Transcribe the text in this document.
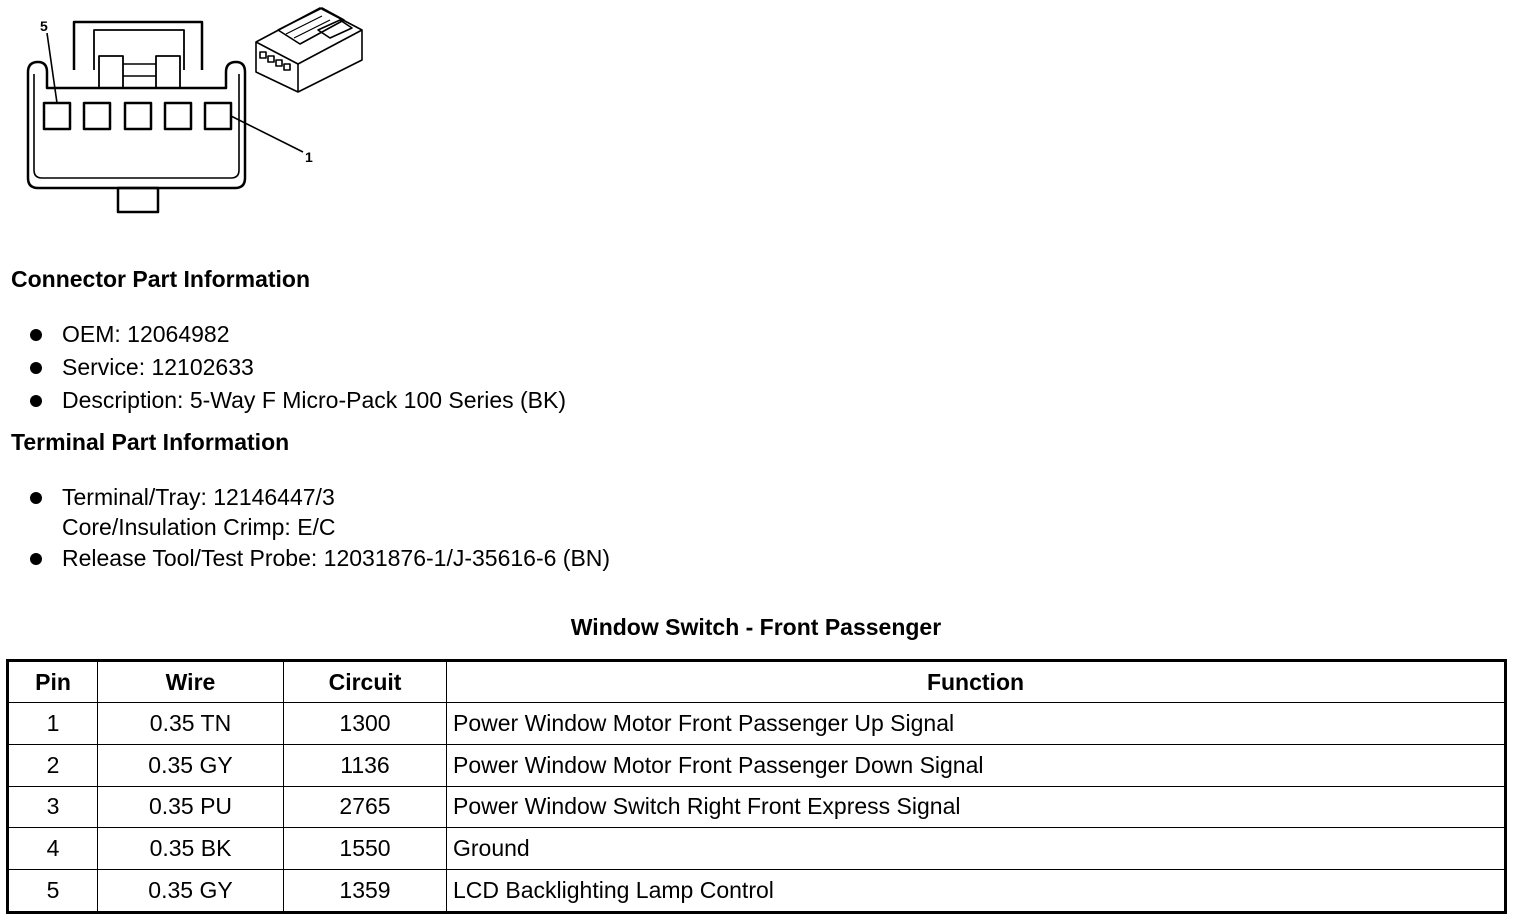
5
1
Connector Part Information
OEM: 12064982
Service: 12102633
Description: 5-Way F Micro-Pack 100 Series (BK)
Terminal Part Information
Terminal/Tray: 12146447/3
Core/Insulation Crimp: E/C
Release Tool/Test Probe: 12031876-1/J-35616-6 (BN)
Window Switch - Front Passenger
Pin	Wire	Circuit	Function
1	0.35 TN	1300	Power Window Motor Front Passenger Up Signal
2	0.35 GY	1136	Power Window Motor Front Passenger Down Signal
3	0.35 PU	2765	Power Window Switch Right Front Express Signal
4	0.35 BK	1550	Ground
5	0.35 GY	1359	LCD Backlighting Lamp Control
